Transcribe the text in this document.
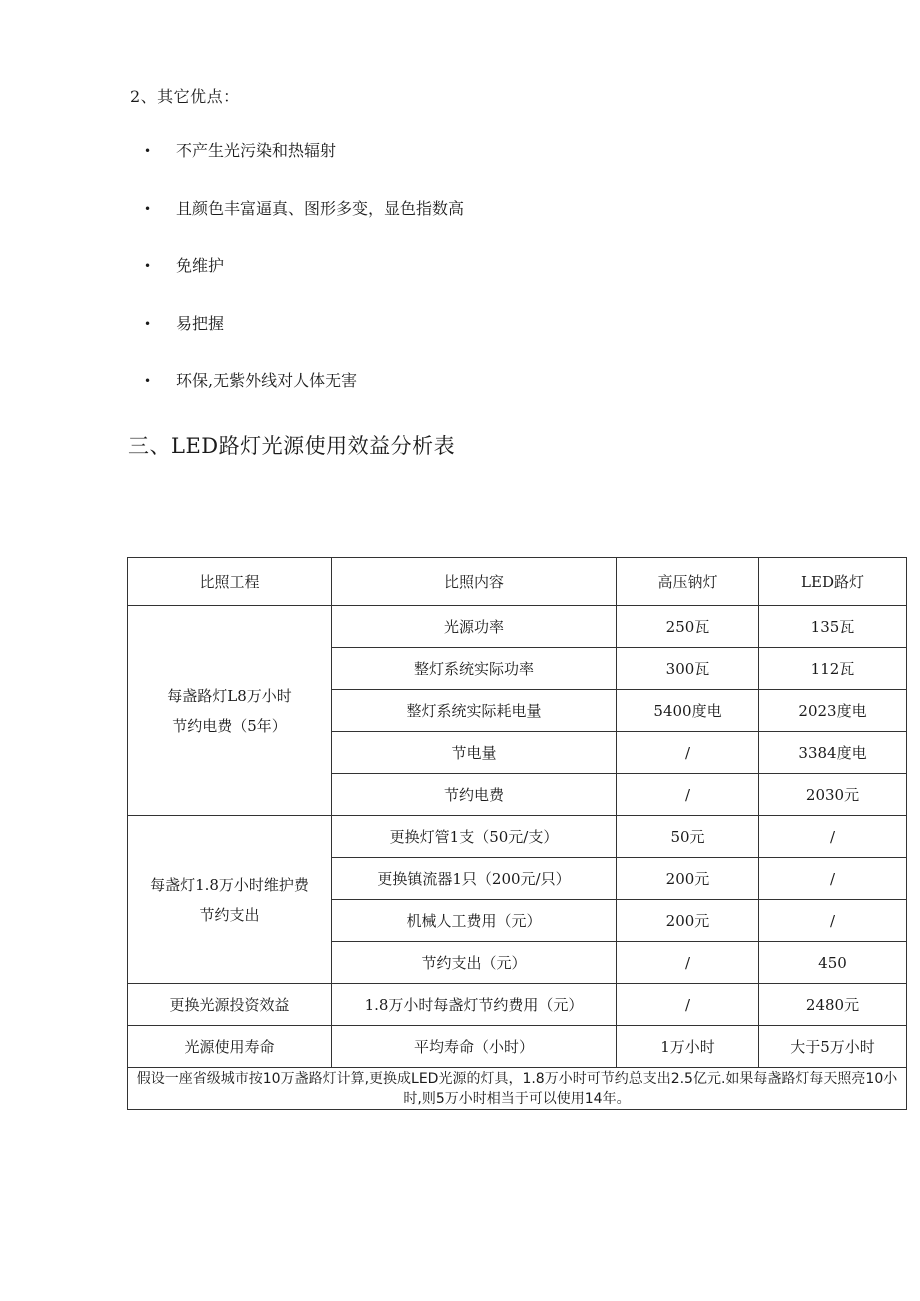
2、其它优点：
•	不产生光污染和热辐射
•	且颜色丰富逼真、图形多变，显色指数高
•	免维护
•	易把握
•	环保,无紫外线对人体无害
三、LED路灯光源使用效益分析表
比照工程	比照内容	高压钠灯	LED路灯

每盏路灯L8万小时
节约电费（5年）	光源功率	250瓦	135瓦
	整灯系统实际功率	300瓦	112瓦
	整灯系统实际耗电量	5400度电	2023度电
	节电量	/	3384度电
	节约电费	/	2030元

每盏灯1.8万小时维护费
节约支出	更换灯管1支（50元/支）	50元	/
	更换镇流器1只（200元/只）	200元	/
	机械人工费用（元）	200元	/
	节约支出（元）	/	450
更换光源投资效益	1.8万小时每盏灯节约费用（元）	/	2480元
光源使用寿命	平均寿命（小时）	1万小时	大于5万小时
假设一座省级城市按10万盏路灯计算,更换成LED光源的灯具，1.8万小时可节约总支出2.5亿元.如果每盏路灯每天照亮10小时,则5万小时相当于可以使用14年。			
